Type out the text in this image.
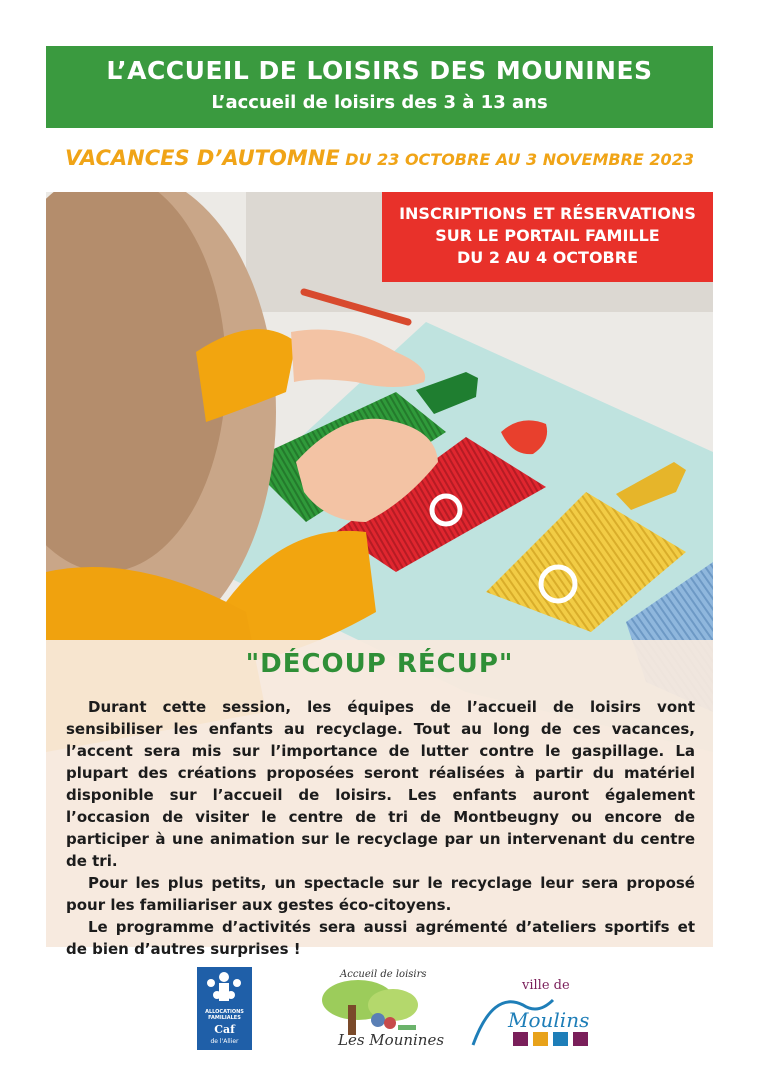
L’ACCUEIL DE LOISIRS DES MOUNINES
L’accueil de loisirs des 3 à 13 ans
VACANCES D’AUTOMNE DU 23 OCTOBRE AU 3 NOVEMBRE 2023
INSCRIPTIONS ET RÉSERVATIONS
SUR LE PORTAIL FAMILLE
DU 2 AU 4 OCTOBRE
"DÉCOUP RÉCUP"

Durant cette session, les équipes de l’accueil de loisirs vont sensibiliser les enfants au recyclage. Tout au long de ces vacances, l’accent sera mis sur l’importance de lutter contre le gaspillage. La plupart des créations proposées seront réalisées à partir du matériel disponible sur l’accueil de loisirs. Les enfants auront également l’occasion de visiter le centre de tri de Montbeugny ou encore de participer à une animation sur le recyclage par un intervenant du centre de tri.

Pour les plus petits, un spectacle sur le recyclage leur sera proposé pour les familiariser aux gestes éco-citoyens.

Le programme d’activités sera aussi agrémenté d’ateliers sportifs et de bien d’autres surprises !

ALLOCATIONS
FAMILIALES
Caf
de l'Allier
Accueil de loisirs
Les Mounines
ville de
Moulins
